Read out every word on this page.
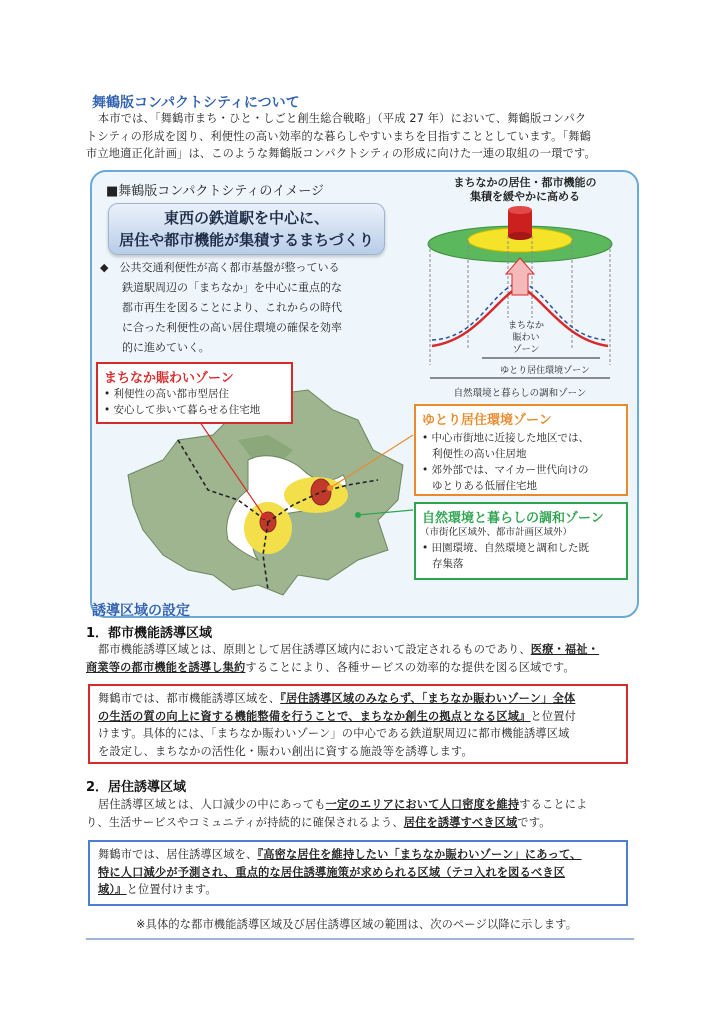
舞鶴版コンパクトシティについて
本市では、「舞鶴市まち・ひと・しごと創生総合戦略」（平成 27 年）において、舞鶴版コンパク
トシティの形成を図り、利便性の高い効率的な暮らしやすいまちを目指すこととしています。「舞鶴
市立地適正化計画」は、このような舞鶴版コンパクトシティの形成に向けた一連の取組の一環です。
■舞鶴版コンパクトシティのイメージ
東西の鉄道駅を中心に、
居住や都市機能が集積するまちづくり
◆　公共交通利便性が高く都市基盤が整っている
鉄道駅周辺の「まちなか」を中心に重点的な
都市再生を図ることにより、これからの時代
に合った利便性の高い居住環境の確保を効率
的に進めていく。
まちなかの居住・都市機能の
集積を緩やかに高める
まちなか
賑わい
ゾーン
ゆとり居住環境ゾーン
自然環境と暮らしの調和ゾーン
まちなか賑わいゾーン
• 利便性の高い都市型居住
• 安心して歩いて暮らせる住宅地
ゆとり居住環境ゾーン
• 中心市街地に近接した地区では、
利便性の高い住居地
• 郊外部では、マイカー世代向けの
ゆとりある低層住宅地
自然環境と暮らしの調和ゾーン
（市街化区域外、都市計画区域外）
• 田園環境、自然環境と調和した既
存集落
誘導区域の設定
1．都市機能誘導区域
都市機能誘導区域とは、原則として居住誘導区域内において設定されるものであり、医療・福祉・
商業等の都市機能を誘導し集約することにより、各種サービスの効率的な提供を図る区域です。
舞鶴市では、都市機能誘導区域を、『居住誘導区域のみならず、「まちなか賑わいゾーン」全体
の生活の質の向上に資する機能整備を行うことで、まちなか創生の拠点となる区域』と位置付
けます。具体的には、「まちなか賑わいゾーン」の中心である鉄道駅周辺に都市機能誘導区域
を設定し、まちなかの活性化・賑わい創出に資する施設等を誘導します。
2．居住誘導区域
居住誘導区域とは、人口減少の中にあっても一定のエリアにおいて人口密度を維持することによ
り、生活サービスやコミュニティが持続的に確保されるよう、居住を誘導すべき区域です。
舞鶴市では、居住誘導区域を、『高密な居住を維持したい「まちなか賑わいゾーン」にあって、
特に人口減少が予測され、重点的な居住誘導施策が求められる区域（テコ入れを図るべき区
域）』と位置付けます。
※具体的な都市機能誘導区域及び居住誘導区域の範囲は、次のページ以降に示します。
